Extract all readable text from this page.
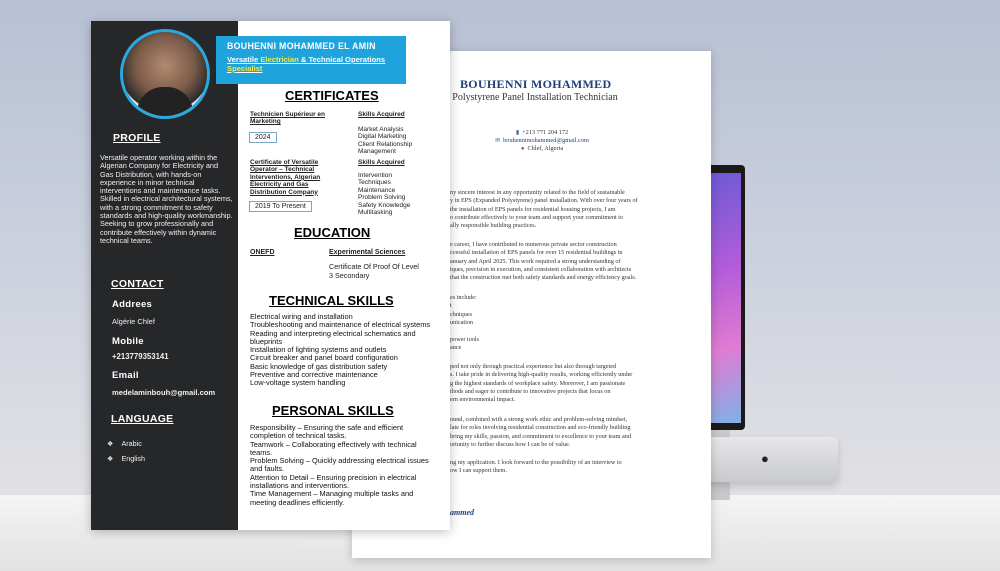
●
BOUHENNI MOHAMMED
Polystyrene Panel Installation Technician
▮ +213 771 204 172
✉ bouhennimohammed@gmail.com
● Chlef, Algeria
ny sincere interest in any opportunity related to the field of sustainable
y in EPS (Expanded Polystyrene) panel installation. With over four years of
the installation of EPS panels for residential housing projects, I am
o contribute effectively to your team and support your commitment to
ally responsible building practices.
e career, I have contributed to numerous private sector construction
ccessful installation of EPS panels for over 15 residential buildings in
anuary and April 2025. This work required a strong understanding of
iques, precision in execution, and consistent collaboration with architects
that the construction met both safety standards and energy efficiency goals.
es include:
t
chniques
unication
power tools
ance
ped not only through practical experience but also through targeted
s. I take pride in delivering high-quality results, working efficiently under
g the highest standards of workplace safety. Moreover, I am passionate
thods and eager to contribute to innovative projects that focus on
ern environmental impact.
ound, combined with a strong work ethic and problem-solving mindset,
late for roles involving residential construction and eco-friendly building
bring my skills, passion, and commitment to excellence to your team and
ortunity to further discuss how I can be of value.
ng my application. I look forward to the possibility of an interview to
ow I can support them.
ammed
PROFILE
Versatile operator working within the Algerian Company for Electricity and Gas Distribution, with hands-on experience in minor technical interventions and maintenance tasks. Skilled in electrical architectural systems, with a strong commitment to safety standards and high-quality workmanship. Seeking to grow professionally and contribute effectively within dynamic technical teams.
CONTACT
Addrees
Algérie Chlef
Mobile
+213779353141
Email
medelaminbouh@gmail.com
LANGUAGE
❖ Arabic
❖ English
BOUHENNI MOHAMMED EL AMIN
Versatile Electrician & Technical Operations Specialist
CERTIFICATES
Technicien Supérieur en Marketing
2024
Certificate of Versatile Operator – Technical Interventions, Algerian Electricity and Gas Distribution Company
2019 To Present
Skills Acquired
Market Analysis
Digital Marketing
Client Relationship
Management
Skills Acquired
Intervention
Techniques
Maintenance
Problem Solving
Safety Knowledge
Multitasking
EDUCATION
ONEFD	Experimental Sciences
Certificate Of Proof Of Level 3 Secondary
TECHNICAL SKILLS
Electrical wiring and installation
Troubleshooting and maintenance of electrical systems
Reading and interpreting electrical schematics and blueprints
Installation of lighting systems and outlets
Circuit breaker and panel board configuration
Basic knowledge of gas distribution safety
Preventive and corrective maintenance
Low-voltage system handling
PERSONAL SKILLS
Responsibility – Ensuring the safe and efficient completion of technical tasks.
Teamwork – Collaborating effectively with technical teams.
Problem Solving – Quickly addressing electrical issues and faults.
Attention to Detail – Ensuring precision in electrical installations and interventions.
Time Management – Managing multiple tasks and meeting deadlines efficiently.
